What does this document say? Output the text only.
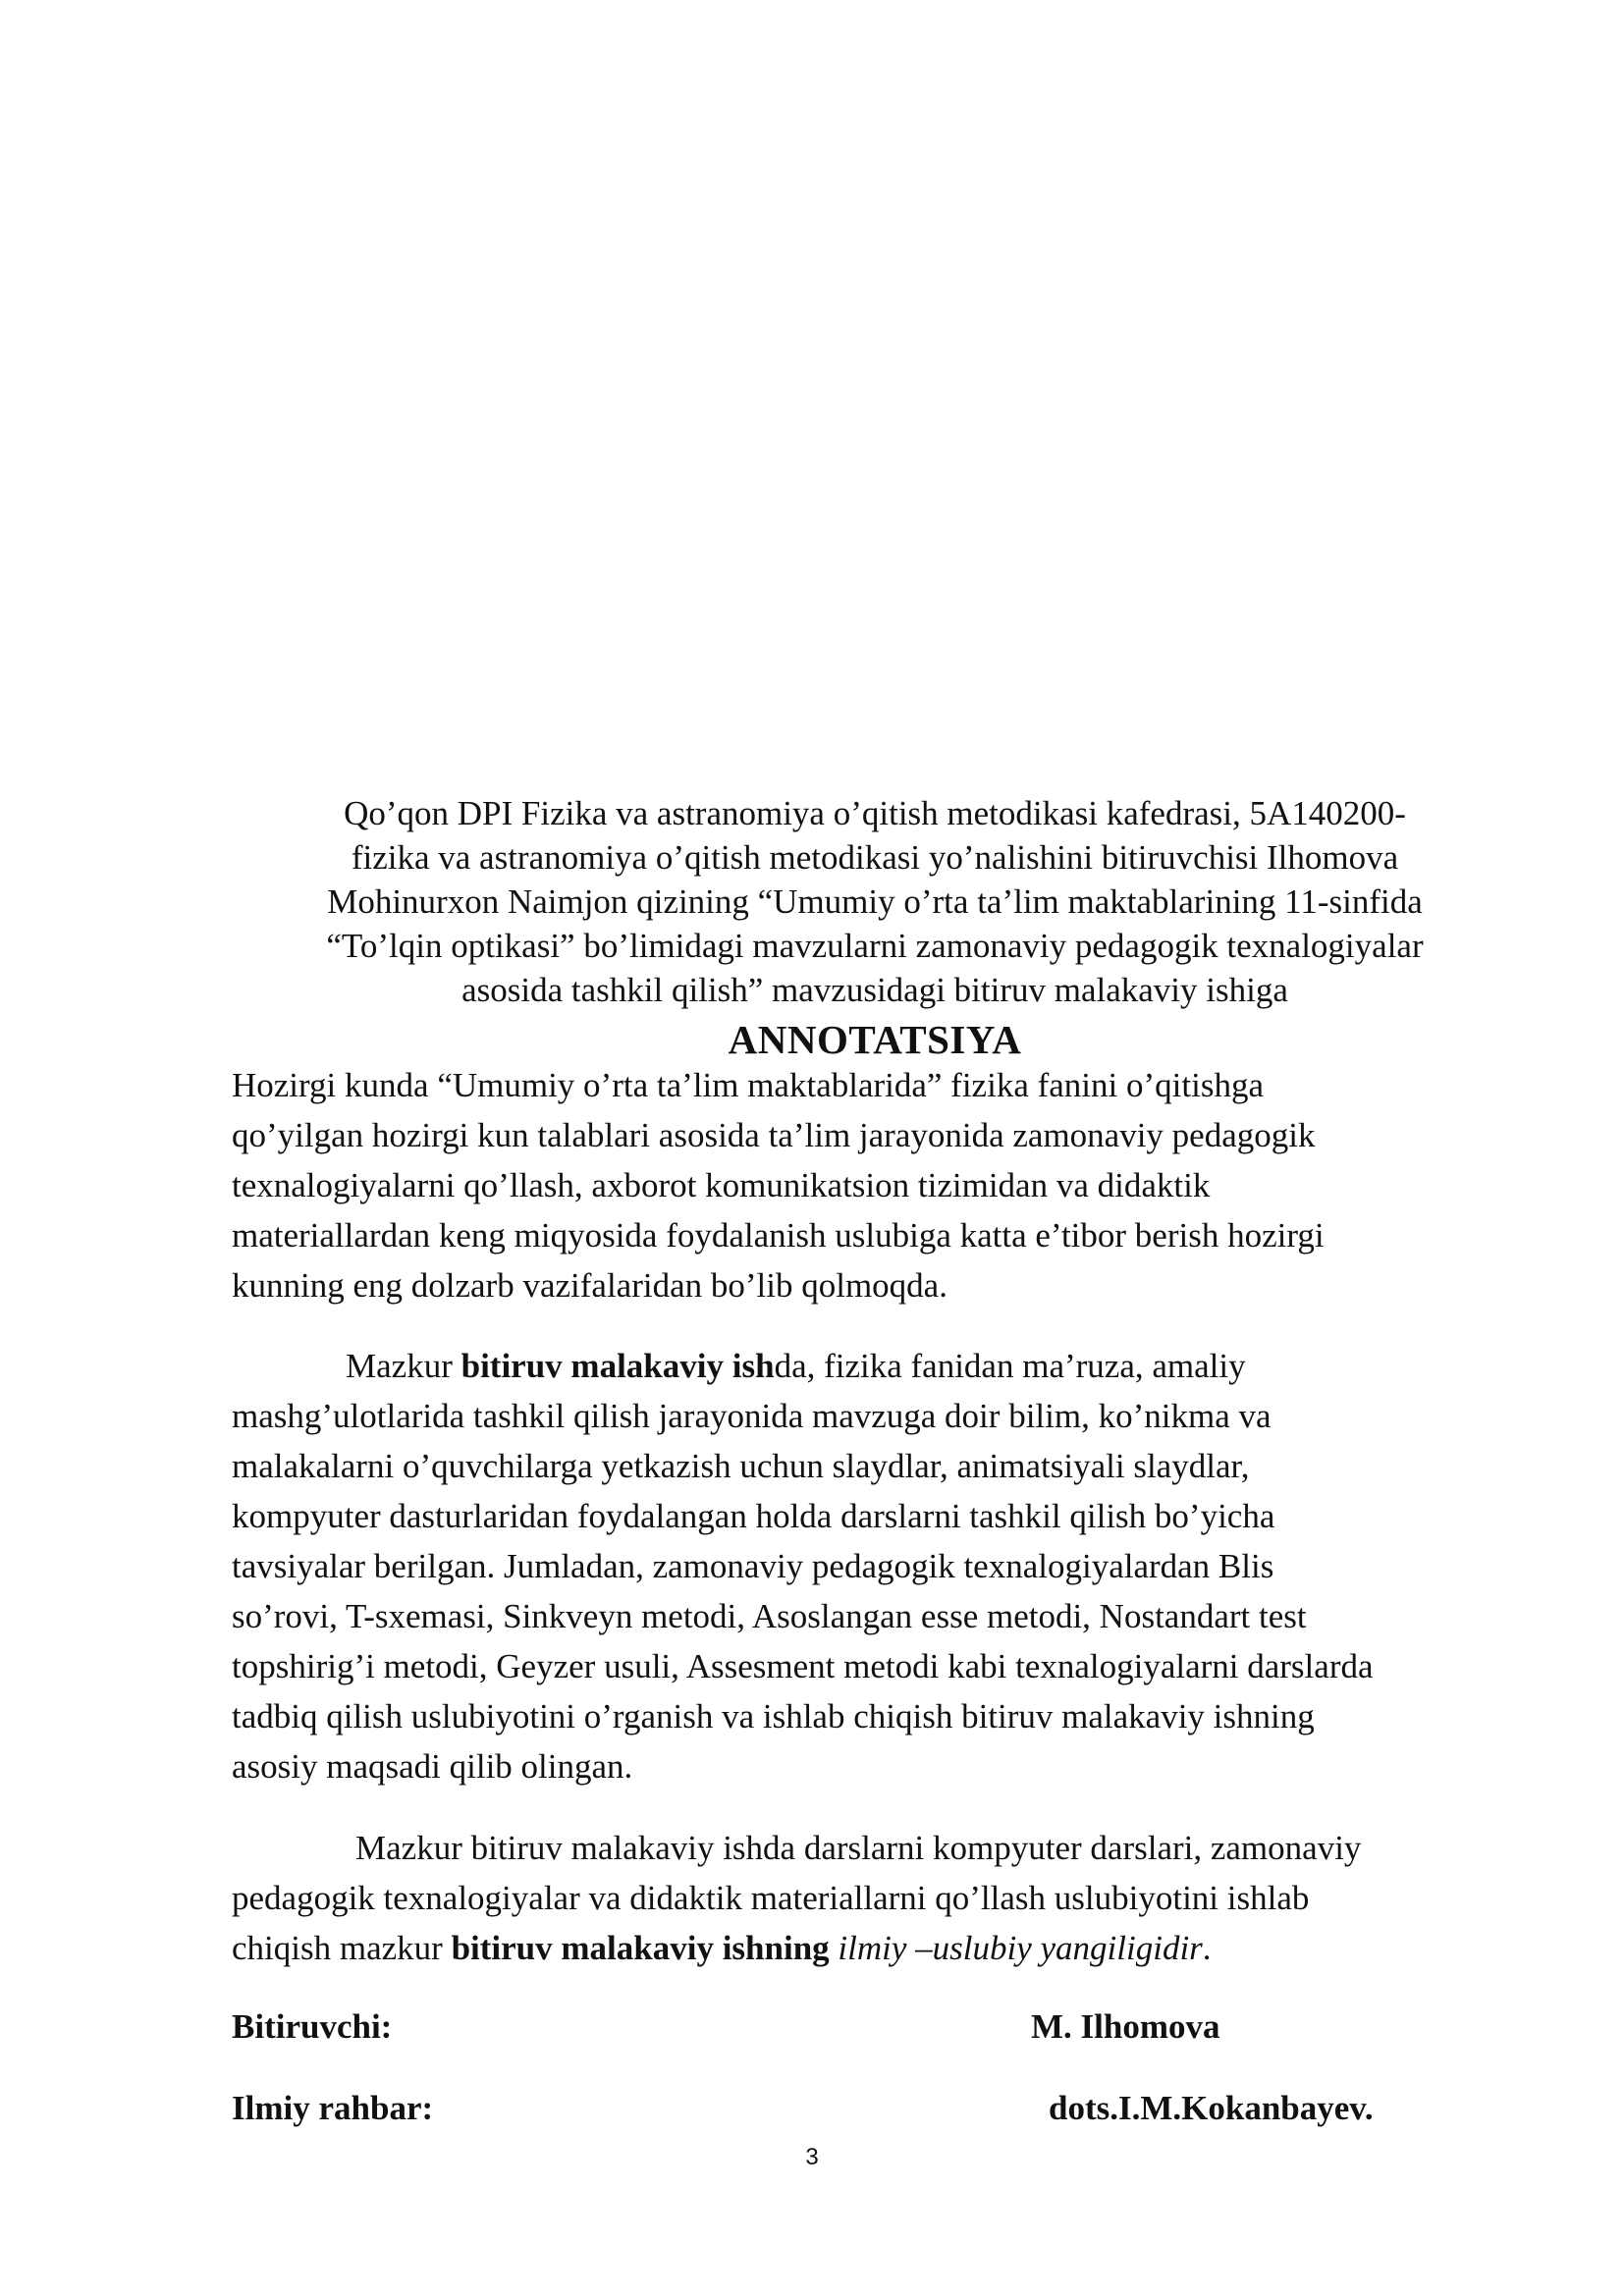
Qo’qon DPI Fizika va astranomiya o’qitish metodikasi kafedrasi, 5A140200-
fizika va astranomiya o’qitish metodikasi yo’nalishini bitiruvchisi Ilhomova
Mohinurxon Naimjon qizining “Umumiy o’rta ta’lim maktablarining 11-sinfida
“To’lqin optikasi” bo’limidagi mavzularni zamonaviy pedagogik texnalogiyalar
asosida tashkil qilish” mavzusidagi bitiruv malakaviy ishiga
ANNOTATSIYA
Hozirgi kunda “Umumiy o’rta ta’lim maktablarida” fizika fanini o’qitishga
qo’yilgan hozirgi kun talablari asosida ta’lim jarayonida zamonaviy pedagogik
texnalogiyalarni qo’llash, axborot komunikatsion tizimidan va didaktik
materiallardan keng miqyosida foydalanish uslubiga katta e’tibor berish hozirgi
kunning eng dolzarb vazifalaridan bo’lib qolmoqda.
Mazkur bitiruv malakaviy ishda, fizika fanidan ma’ruza, amaliy
mashg’ulotlarida tashkil qilish jarayonida mavzuga doir bilim, ko’nikma va
malakalarni o’quvchilarga yetkazish uchun slaydlar, animatsiyali slaydlar,
kompyuter dasturlaridan foydalangan holda darslarni tashkil qilish bo’yicha
tavsiyalar berilgan. Jumladan, zamonaviy pedagogik texnalogiyalardan Blis
so’rovi, T-sxemasi, Sinkveyn metodi, Asoslangan esse metodi, Nostandart test
topshirig’i metodi, Geyzer usuli, Assesment metodi kabi texnalogiyalarni darslarda
tadbiq qilish uslubiyotini o’rganish va ishlab chiqish bitiruv malakaviy ishning
asosiy maqsadi qilib olingan.
Mazkur bitiruv malakaviy ishda darslarni kompyuter darslari, zamonaviy
pedagogik texnalogiyalar va didaktik materiallarni qo’llash uslubiyotini ishlab
chiqish mazkur bitiruv malakaviy ishning ilmiy –uslubiy yangiligidir.
Bitiruvchi:	M. Ilhomova
Ilmiy rahbar:	dots.I.M.Kokanbayev.
3
